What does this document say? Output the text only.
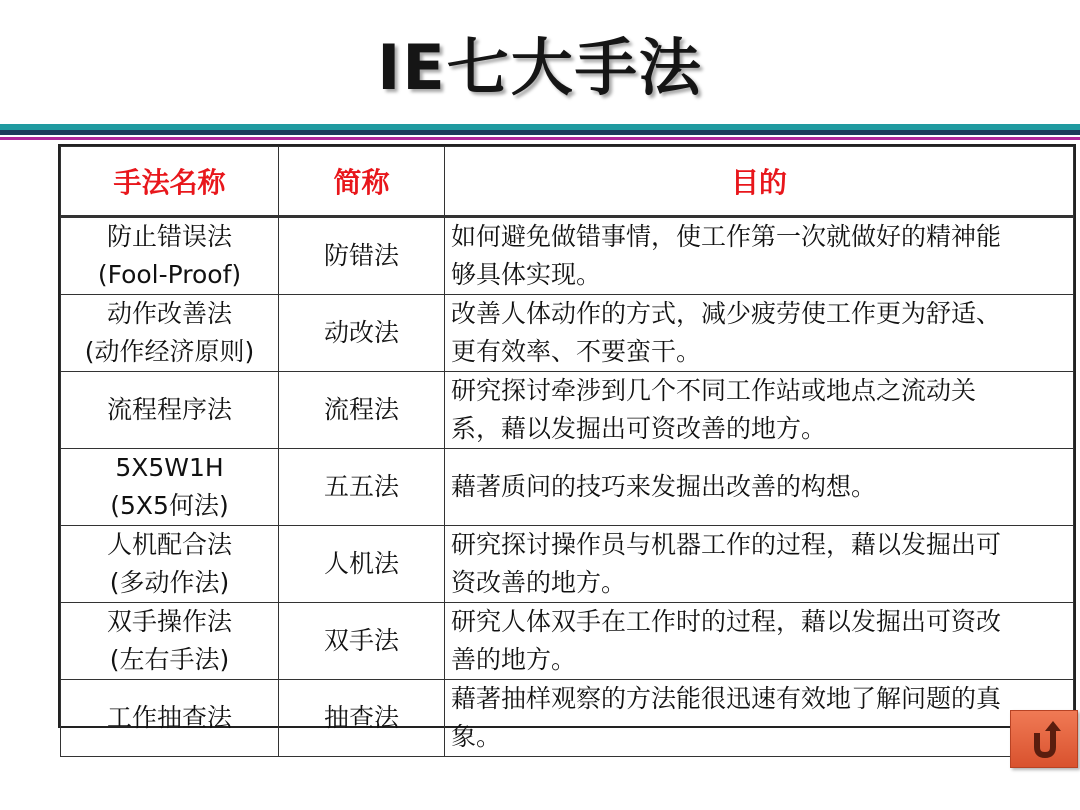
IE七大手法
手法名称	简称	目的

防止错误法
(Fool-Proof)	防错法	如何避免做错事情，使工作第一次就做好的精神能
够具体实现。

动作改善法
(动作经济原则)	动改法	改善人体动作的方式，减少疲劳使工作更为舒适、
更有效率、不要蛮干。

流程程序法	流程法	研究探讨牵涉到几个不同工作站或地点之流动关
系，藉以发掘出可资改善的地方。

5X5W1H
(5X5何法)	五五法	藉著质问的技巧来发掘出改善的构想。

人机配合法
(多动作法)	人机法	研究探讨操作员与机器工作的过程，藉以发掘出可
资改善的地方。

双手操作法
(左右手法)	双手法	研究人体双手在工作时的过程，藉以发掘出可资改
善的地方。

工作抽查法	抽查法	藉著抽样观察的方法能很迅速有效地了解问题的真
象。
